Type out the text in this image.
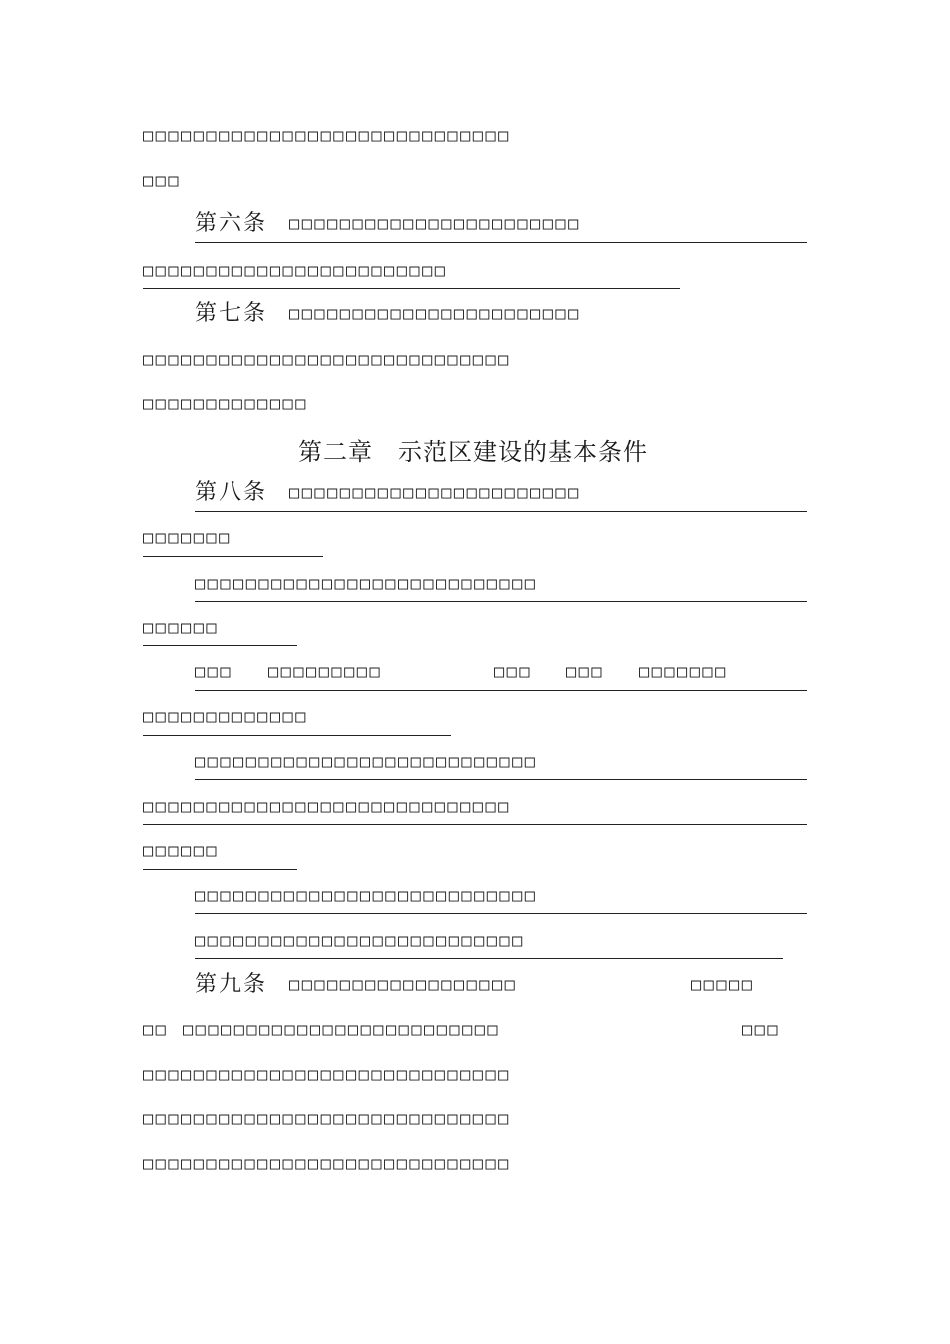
□□□□□□□□□□□□□□□□□□□□□□□□□□□□□
□□□
第六条 □□□□□□□□□□□□□□□□□□□□□□□
□□□□□□□□□□□□□□□□□□□□□□□□
第七条 □□□□□□□□□□□□□□□□□□□□□□□
□□□□□□□□□□□□□□□□□□□□□□□□□□□□□
□□□□□□□□□□□□□
第二章　示范区建设的基本条件
第八条 □□□□□□□□□□□□□□□□□□□□□□□
□□□□□□□
□□□□□□□□□□□□□□□□□□□□□□□□□□□
□□□□□□
□□□ □□□□□□□□□	□□□ □□□ □□□□□□□
□□□□□□□□□□□□□
□□□□□□□□□□□□□□□□□□□□□□□□□□□
□□□□□□□□□□□□□□□□□□□□□□□□□□□□□
□□□□□□
□□□□□□□□□□□□□□□□□□□□□□□□□□□
□□□□□□□□□□□□□□□□□□□□□□□□□□
第九条 □□□□□□□□□□□□□□□□□□	□□□□□
□□ □□□□□□□□□□□□□□□□□□□□□□□□□	□□□
□□□□□□□□□□□□□□□□□□□□□□□□□□□□□
□□□□□□□□□□□□□□□□□□□□□□□□□□□□□
□□□□□□□□□□□□□□□□□□□□□□□□□□□□□
